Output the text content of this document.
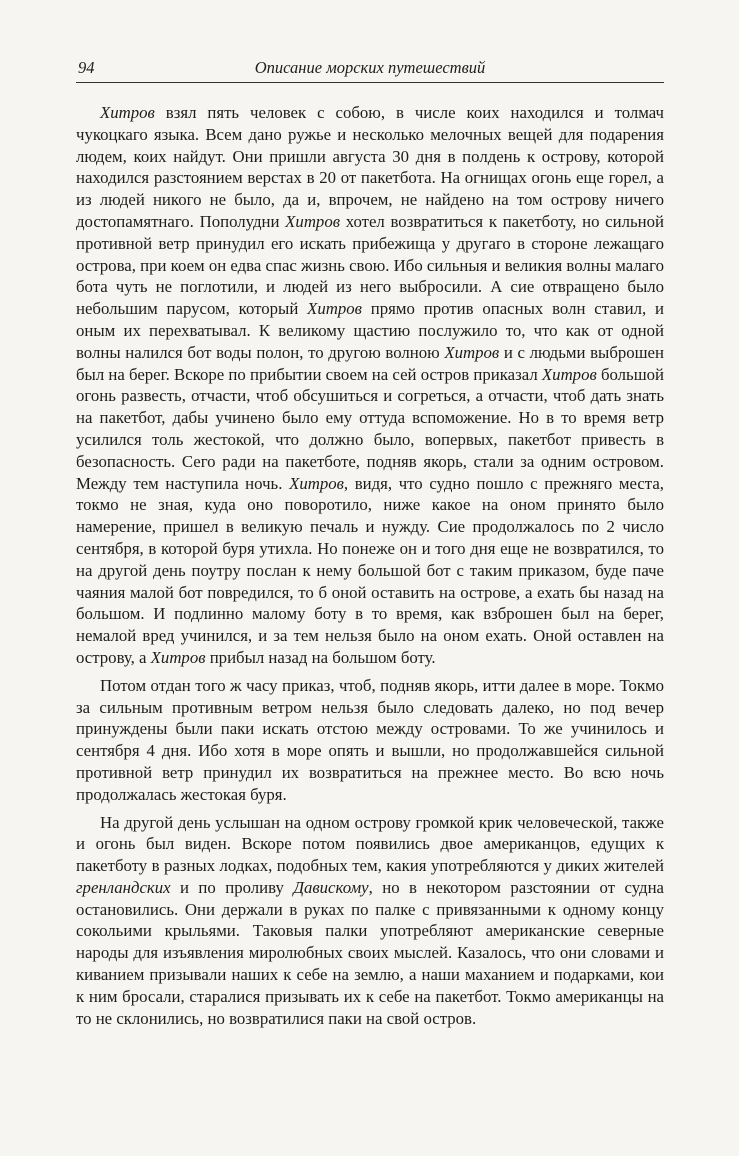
94	Описание морских путешествий

Хитров взял пять человек с собою, в числе коих находился и толмач чукоцкаго языка. Всем дано ружье и несколько мелочных вещей для подарения людем, коих найдут. Они пришли августа 30 дня в полдень к острову, которой находился разстоянием верстах в 20 от пакетбота. На огнищах огонь еще горел, а из людей никого не было, да и, впрочем, не найдено на том острову ничего достопамятнаго. Пополудни Хитров хотел возвратиться к пакетботу, но сильной противной ветр принудил его искать прибежища у другаго в стороне лежащаго острова, при коем он едва спас жизнь свою. Ибо сильныя и великия волны малаго бота чуть не поглотили, и людей из него выбросили. А сие отвращено было небольшим парусом, который Хитров прямо против опасных волн ставил, и оным их перехватывал. К великому щастию послужило то, что как от одной волны налился бот воды полон, то другою волною Хитров и с людьми выброшен был на берег. Вскоре по прибытии своем на сей остров приказал Хитров большой огонь развесть, отчасти, чтоб обсушиться и согреться, а отчасти, чтоб дать знать на пакетбот, дабы учинено было ему оттуда вспоможение. Но в то время ветр усилился толь жестокой, что должно было, вопервых, пакетбот привесть в безопасность. Сего ради на пакетботе, подняв якорь, стали за одним островом. Между тем наступила ночь. Хитров, видя, что судно пошло с прежняго места, токмо не зная, куда оно поворотило, ниже какое на оном принято было намерение, пришел в великую печаль и нужду. Сие продолжалось по 2 число сентября, в которой буря утихла. Но понеже он и того дня еще не возвратился, то на другой день поутру послан к нему большой бот с таким приказом, буде паче чаяния малой бот повредился, то б оной оставить на острове, а ехать бы назад на большом. И подлинно малому боту в то время, как взброшен был на берег, немалой вред учинился, и за тем нельзя было на оном ехать. Оной оставлен на острову, а Хитров прибыл назад на большом боту.

Потом отдан того ж часу приказ, чтоб, подняв якорь, итти далее в море. Токмо за сильным противным ветром нельзя было следовать далеко, но под вечер принуждены были паки искать отстою между островами. То же учинилось и сентября 4 дня. Ибо хотя в море опять и вышли, но продолжавшейся сильной противной ветр принудил их возвратиться на прежнее место. Во всю ночь продолжалась жестокая буря.

На другой день услышан на одном острову громкой крик человеческой, также и огонь был виден. Вскоре потом появились двое американцов, едущих к пакетботу в разных лодках, подобных тем, какия употребляются у диких жителей гренландских и по проливу Дaвискому, но в некотором разстоянии от судна остановились. Они держали в руках по палке с привязанными к одному концу сокольими крыльями. Таковыя палки употребляют американские северные народы для изъявления миролюбных своих мыслей. Казалось, что они словами и киванием призывали наших к себе на землю, а наши маханием и подарками, кои к ним бросали, старалися призывать их к себе на пакетбот. Токмо американцы на то не склонились, но возвратилися паки на свой остров.
